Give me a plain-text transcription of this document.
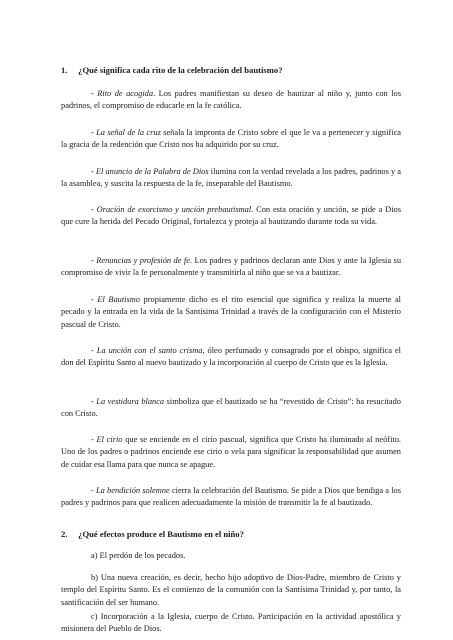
1 . ¿Qué significa cada rito de la celebración del bautismo?

- Rito de acogida. Los padres manifiestan su deseo de bautizar al niño y, junto con los padrinos, el compromiso de educarle en la fe católica.

- La señal de la cruz señala la impronta de Cristo sobre el que le va a pertenecer y significa la gracia de la redención que Cristo nos ha adquirido por su cruz.

- El anuncio de la Palabra de Dios ilumina con la verdad revelada a los padres, padrinos y a la asamblea, y suscita la respuesta de la fe, inseparable del Bautismo.

- Oración de exorcismo y unción prebautismal. Con esta oración y unción, se pide a Dios que cure la herida del Pecado Original, fortalezca y proteja al bautizando durante toda su vida.

- Renuncias y profesión de fe. Los padres y padrinos declaran ante Dios y ante la Iglesia su compromiso de vivir la fe personalmente y transmitirla al niño que se va a bautizar.

- El Bautismo propiamente dicho es el rito esencial que significa y realiza la muerte al pecado y la entrada en la vida de la Santísima Trinidad a través de la configuración con el Misterio pascual de Cristo.

- La unción con el santo crisma, óleo perfumado y consagrado por el obispo, significa el don del Espíritu Santo al nuevo bautizado y la incorporación al cuerpo de Cristo que es la Iglesia.

- La vestidura blanca simboliza que el bautizado se ha “revestido de Cristo”: ha resucitado con Cristo.

- El cirio que se enciende en el cirio pascual, significa que Cristo ha iluminado al neófito. Uno de los padres o padrinos enciende ese cirio o vela para significar la responsabilidad que asumen de cuidar esa llama para que nunca se apague.

- La bendición solemne cierra la celebración del Bautismo. Se pide a Dios que bendiga a los padres y padrinos para que realicen adecuadamente la misión de transmitir la fe al bautizado.

2 . ¿Qué efectos produce el Bautismo en el niño?

a) El perdón de los pecados.

b) Una nueva creación, es decir, hecho hijo adoptivo de Dios-Padre, miembro de Cristo y templo del Espíritu Santo. Es el comienzo de la comunión con la Santísima Trinidad y, por tanto, la santificación del ser humano.

c) Incorporación a la Iglesia, cuerpo de Cristo. Participación en la actividad apostólica y misionera del Pueblo de Dios.
